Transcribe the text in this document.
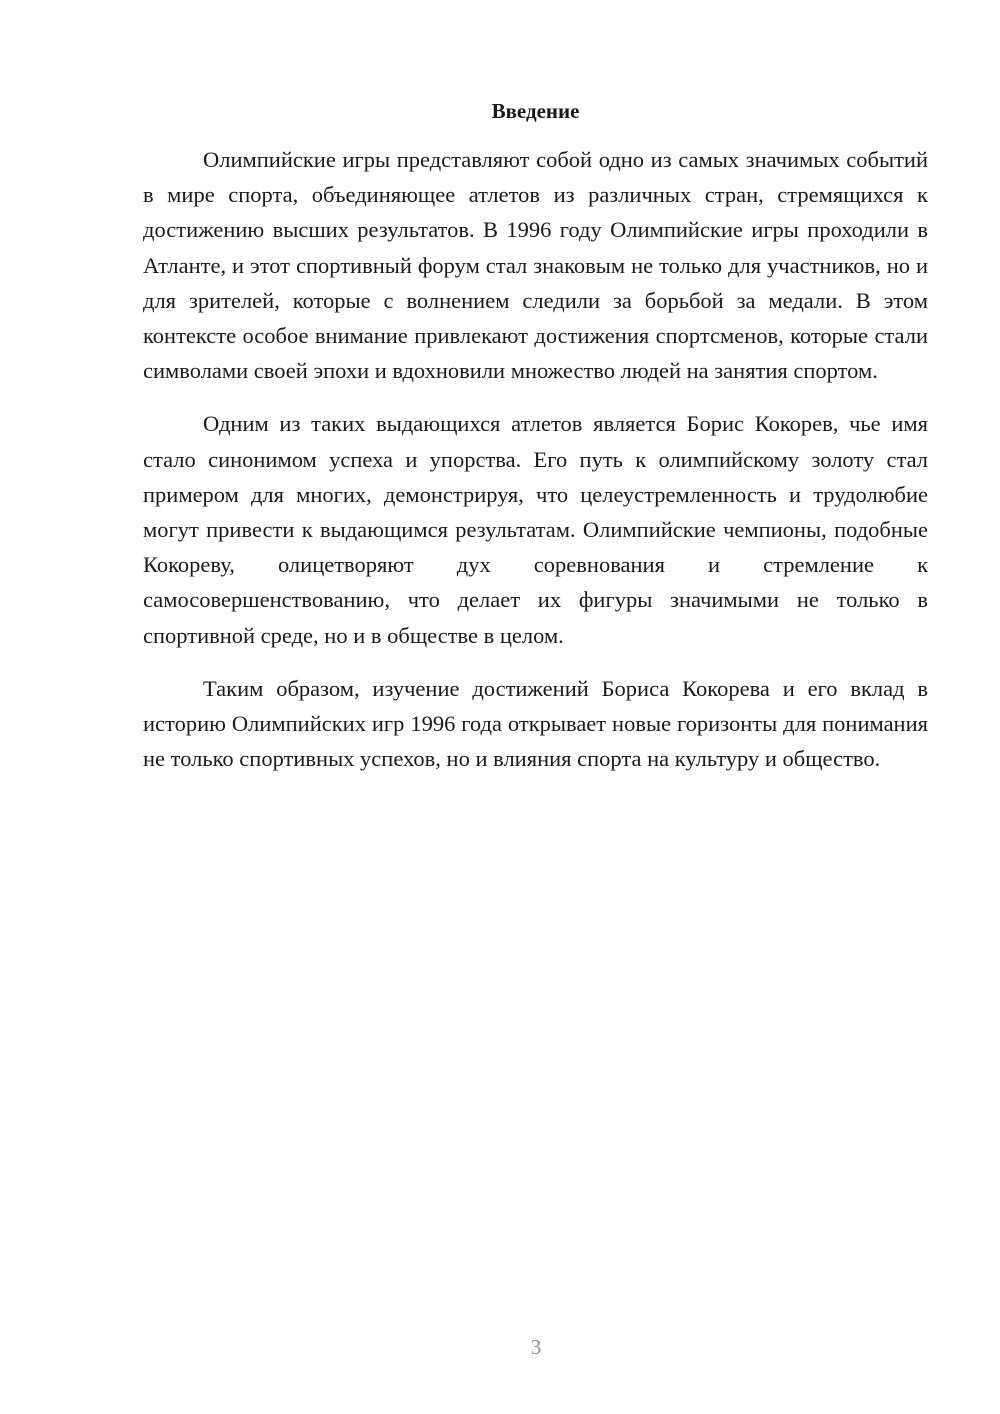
Введение

Олимпийские игры представляют собой одно из самых значимых событий в мире спорта, объединяющее атлетов из различных стран, стремящихся к достижению высших результатов. В 1996 году Олимпийские игры проходили в Атланте, и этот спортивный форум стал знаковым не только для участников, но и для зрителей, которые с волнением следили за борьбой за медали. В этом контексте особое внимание привлекают достижения спортсменов, которые стали символами своей эпохи и вдохновили множество людей на занятия спортом.

Одним из таких выдающихся атлетов является Борис Кокорев, чье имя стало синонимом успеха и упорства. Его путь к олимпийскому золоту стал примером для многих, демонстрируя, что целеустремленность и трудолюбие могут привести к выдающимся результатам. Олимпийские чемпионы, подобные Кокореву, олицетворяют дух соревнования и стремление к самосовершенствованию, что делает их фигуры значимыми не только в спортивной среде, но и в обществе в целом.

Таким образом, изучение достижений Бориса Кокорева и его вклад в историю Олимпийских игр 1996 года открывает новые горизонты для понимания не только спортивных успехов, но и влияния спорта на культуру и общество.

3
